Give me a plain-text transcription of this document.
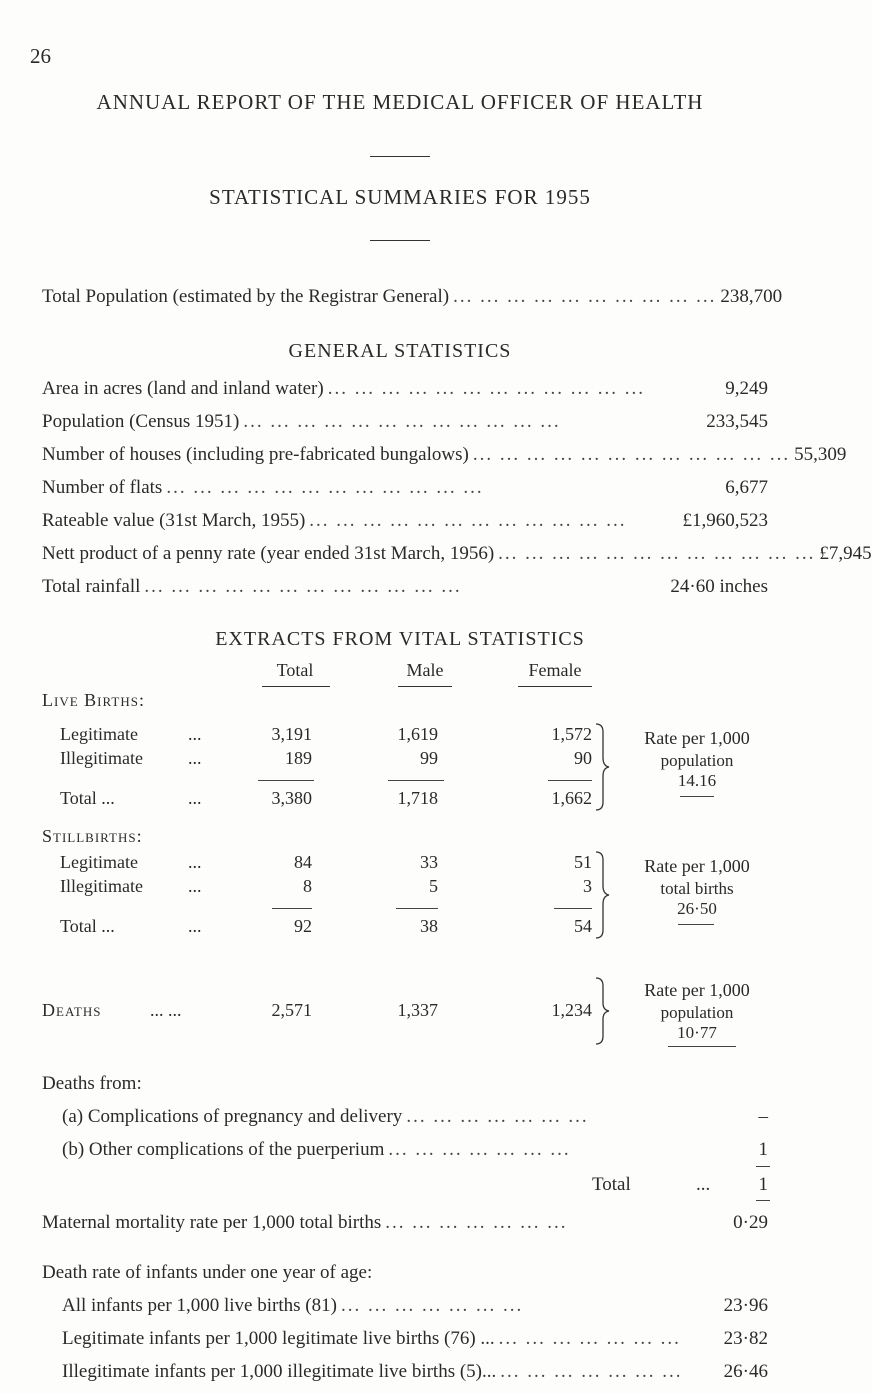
26
ANNUAL REPORT OF THE MEDICAL OFFICER OF HEALTH
STATISTICAL SUMMARIES FOR 1955
Total Population (estimated by the Registrar General) ... ... ... ... ... ... ... ... ... ... 238,700
GENERAL STATISTICS
Area in acres (land and inland water) ... ... ... ... ... ... ... ... ... ... ... ...	9,249
Population (Census 1951) ... ... ... ... ... ... ... ... ... ... ... ...	233,545
Number of houses (including pre-fabricated bungalows) ... ... ... ... ... ... ... ... ... ... ... ... 55,309
Number of flats ... ... ... ... ... ... ... ... ... ... ... ...	6,677
Rateable value (31st March, 1955) ... ... ... ... ... ... ... ... ... ... ... ...	£1,960,523
Nett product of a penny rate (year ended 31st March, 1956) ... ... ... ... ... ... ... ... ... ... ... ... £7,945
Total rainfall ... ... ... ... ... ... ... ... ... ... ... ...	24·60 inches
EXTRACTS FROM VITAL STATISTICS
Total	Male	Female
Live Births:
Legitimate	...	3,191	1,619	1,572
Illegitimate	...	189	99	90
Total ...	...	3,380	1,718	1,662
Rate per 1,000
population
14.16
Stillbirths:
Legitimate	...	84	33	51
Illegitimate	...	8	5	3
Total ...	...	92	38	54
Rate per 1,000
total births
26·50
Deaths	... ...	2,571	1,337	1,234
Rate per 1,000
population
10·77
Deaths from:
(a) Complications of pregnancy and delivery ... ... ... ... ... ... ...	–
(b) Other complications of the puerperium ... ... ... ... ... ... ...	1
Total	...	1
Maternal mortality rate per 1,000 total births ... ... ... ... ... ... ...	0·29
Death rate of infants under one year of age:
All infants per 1,000 live births (81) ... ... ... ... ... ... ...	23·96
Legitimate infants per 1,000 legitimate live births (76) ... ... ... ... ... ... ... ...	23·82
Illegitimate infants per 1,000 illegitimate live births (5)... ... ... ... ... ... ... ...	26·46
